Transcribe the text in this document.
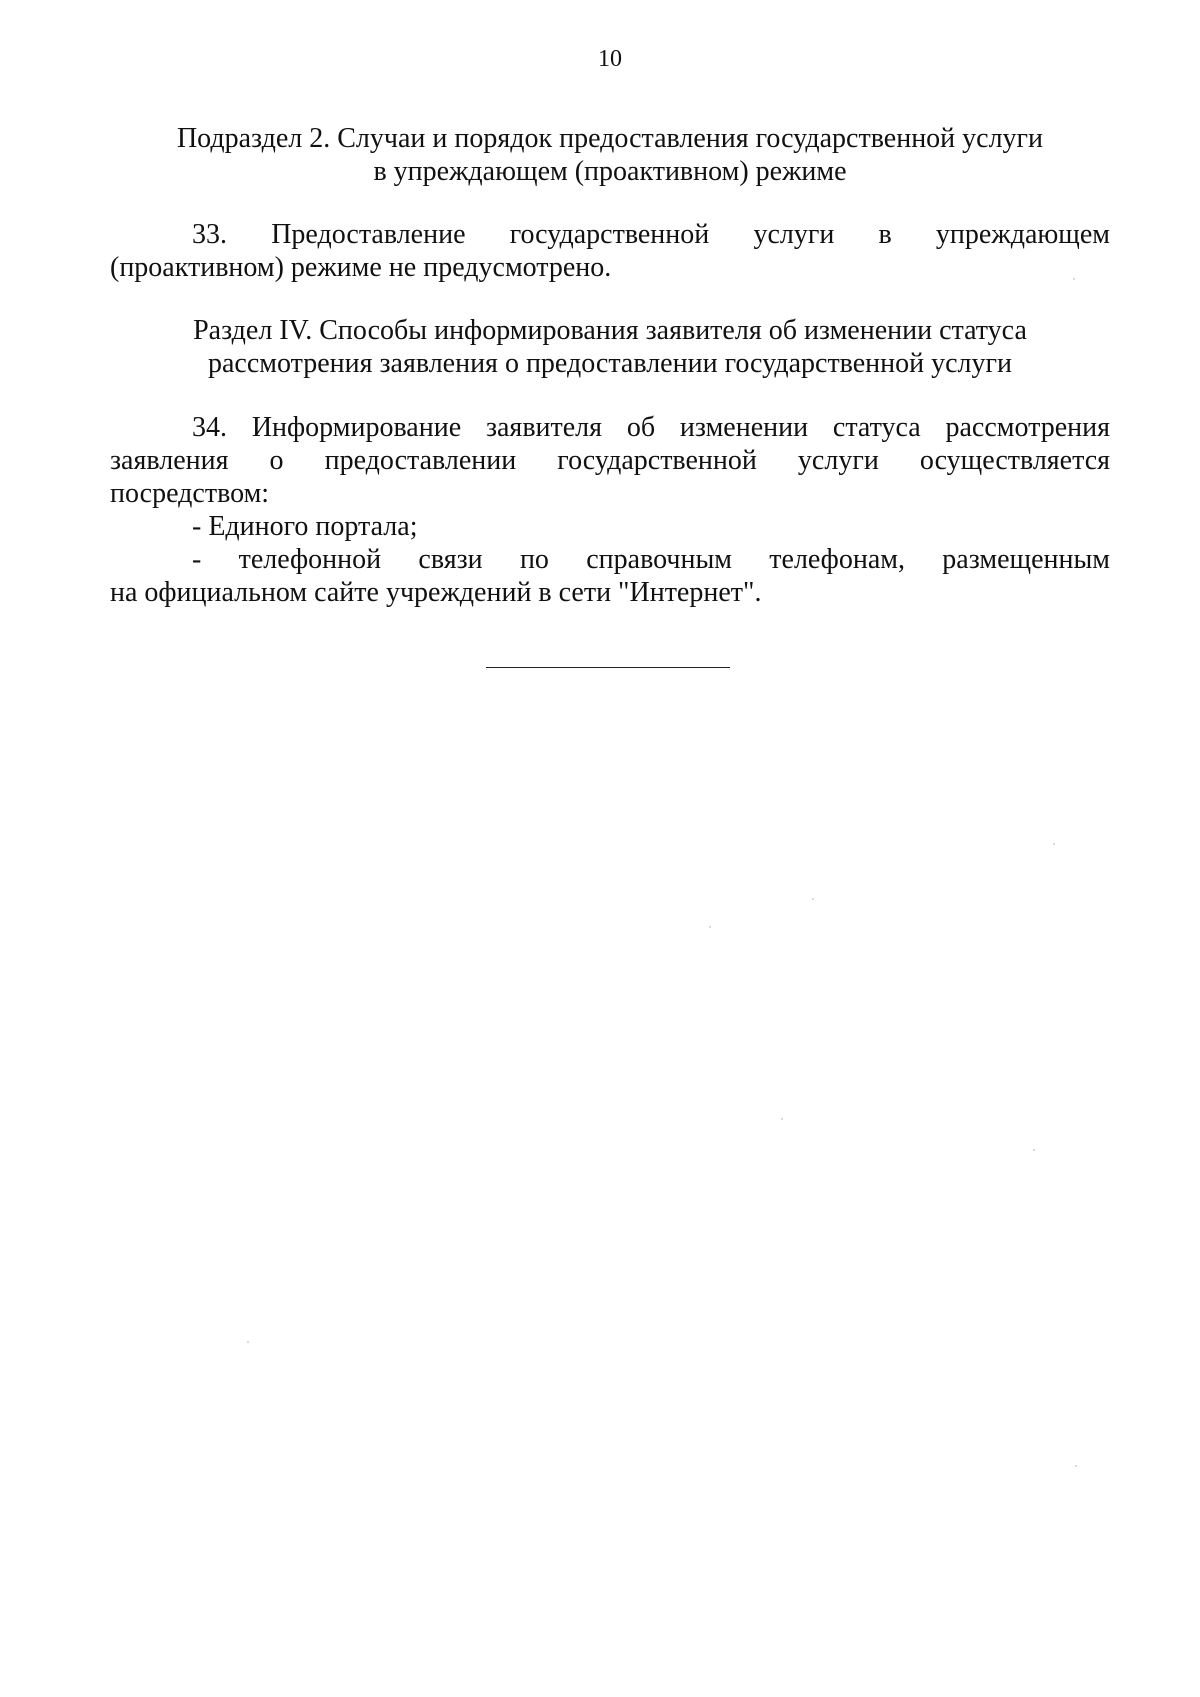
10
Подраздел 2. Случаи и порядок предоставления государственной услуги
в упреждающем (проактивном) режиме
33. Предоставление государственной услуги в упреждающем
(проактивном) режиме не предусмотрено.
Раздел IV. Способы информирования заявителя об изменении статуса
рассмотрения заявления о предоставлении государственной услуги
34. Информирование заявителя об изменении статуса рассмотрения
заявления о предоставлении государственной услуги осуществляется
посредством:
- Единого портала;
- телефонной связи по справочным телефонам, размещенным
на официальном сайте учреждений в сети "Интернет".
